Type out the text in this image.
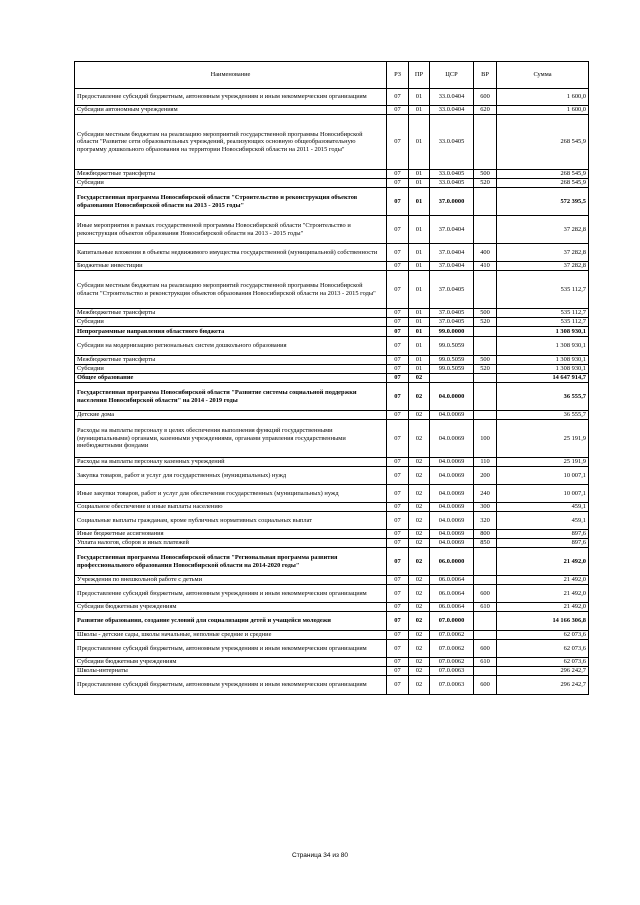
Наименование	РЗ	ПР	ЦСР	ВР	Сумма
Предоставление субсидий бюджетным, автономным учреждениям и иным некоммерческим организациям	07	01	33.0.0404	600	1 600,0
Субсидии автономным учреждениям	07	01	33.0.0404	620	1 600,0
Субсидии местным бюджетам на реализацию мероприятий государственной программы Новосибирской области "Развитие сети образовательных учреждений, реализующих основную общеобразовательную программу дошкольного образования на территории Новосибирской области на 2011 - 2015 годы"	07	01	33.0.0405		268 545,9
Межбюджетные трансферты	07	01	33.0.0405	500	268 545,9
Субсидии	07	01	33.0.0405	520	268 545,9
Государственная программа Новосибирской области "Строительство и реконструкция объектов образования Новосибирской области на 2013 - 2015 годы"	07	01	37.0.0000		572 395,5
Иные мероприятия в рамках государственной программы Новосибирской области "Строительство и реконструкция объектов образования Новосибирской области на 2013 - 2015 годы"	07	01	37.0.0404		37 282,8
Капитальные вложения в объекты недвижимого имущества государственной (муниципальной) собственности	07	01	37.0.0404	400	37 282,8
Бюджетные инвестиции	07	01	37.0.0404	410	37 282,8
Субсидии местным бюджетам на реализацию мероприятий государственной программы Новосибирской области "Строительство и реконструкция объектов образования Новосибирской области на 2013 - 2015 годы"	07	01	37.0.0405		535 112,7
Межбюджетные трансферты	07	01	37.0.0405	500	535 112,7
Субсидии	07	01	37.0.0405	520	535 112,7
Непрограммные направления областного бюджета	07	01	99.0.0000		1 308 930,1
Субсидии на модернизацию региональных систем дошкольного образования	07	01	99.0.5059		1 308 930,1
Межбюджетные трансферты	07	01	99.0.5059	500	1 308 930,1
Субсидии	07	01	99.0.5059	520	1 308 930,1
Общее образование	07	02			14 647 914,7
Государственная программа Новосибирской области "Развитие системы социальной поддержки населения Новосибирской области" на 2014 - 2019 годы	07	02	04.0.0000		36 555,7
Детские дома	07	02	04.0.0069		36 555,7
Расходы на выплаты персоналу в целях обеспечения выполнения функций государственными (муниципальными) органами, казенными учреждениями, органами управления государственными внебюджетными фондами	07	02	04.0.0069	100	25 191,9
Расходы на выплаты персоналу казенных учреждений	07	02	04.0.0069	110	25 191,9
Закупка товаров, работ и услуг для государственных (муниципальных) нужд	07	02	04.0.0069	200	10 007,1
Иные закупки товаров, работ и услуг для обеспечения государственных (муниципальных) нужд	07	02	04.0.0069	240	10 007,1
Социальное обеспечение и иные выплаты населению	07	02	04.0.0069	300	459,1
Социальные выплаты гражданам, кроме публичных нормативных социальных выплат	07	02	04.0.0069	320	459,1
Иные бюджетные ассигнования	07	02	04.0.0069	800	897,6
Уплата налогов, сборов и иных платежей	07	02	04.0.0069	850	897,6
Государственная программа Новосибирской области "Региональная программа развития профессионального образования Новосибирской области на 2014-2020 годы"	07	02	06.0.0000		21 492,0
Учреждения по внешкольной работе с детьми	07	02	06.0.0064		21 492,0
Предоставление субсидий бюджетным, автономным учреждениям и иным некоммерческим организациям	07	02	06.0.0064	600	21 492,0
Субсидии бюджетным учреждениям	07	02	06.0.0064	610	21 492,0
Развитие образования, создание условий для социализации детей и учащейся молодежи	07	02	07.0.0000		14 166 306,8
Школы - детские сады, школы начальные, неполные средние и средние	07	02	07.0.0062		62 073,6
Предоставление субсидий бюджетным, автономным учреждениям и иным некоммерческим организациям	07	02	07.0.0062	600	62 073,6
Субсидии бюджетным учреждениям	07	02	07.0.0062	610	62 073,6
Школы-интернаты	07	02	07.0.0063		296 242,7
Предоставление субсидий бюджетным, автономным учреждениям и иным некоммерческим организациям	07	02	07.0.0063	600	296 242,7
Страница 34 из 80
